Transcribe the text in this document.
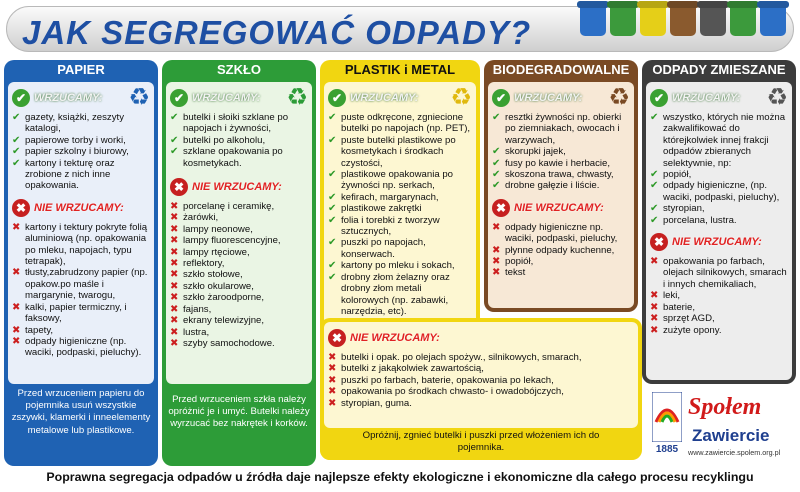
JAK SEGREGOWAĆ ODPADY?
PAPIER
✔ WRZUCAMY: ♻
✔ gazety, książki, zeszyty katalogi,
✔ papierowe torby i worki,
✔ papier szkolny i biurowy,
✔ kartony i tekturę oraz zrobione z nich inne opakowania.
✖ NIE WRZUCAMY:
✖ kartony i tektury pokryte folią aluminiową (np. opakowania po mleku, napojach, typu tetrapak),
✖ tłusty,zabrudzony papier (np. opakow.po maśle i margarynie, twarogu,
✖ kalki, papier termiczny, i faksowy,
✖ tapety,
✖ odpady higieniczne (np. waciki, podpaski, pieluchy).
Przed wrzuceniem papieru do pojemnika usuń wszystkie zszywki, klamerki i inneelementy metalowe lub plastikowe.
SZKŁO
✔ WRZUCAMY: ♻
✔ butelki i słoiki szklane po napojach i żywności,
✔ butelki po alkoholu,
✔ szklane opakowania po kosmetykach.
✖ NIE WRZUCAMY:
✖ porcelanę i ceramikę,
✖ żarówki,
✖ lampy neonowe,
✖ lampy fluorescencyjne,
✖ lampy rtęciowe,
✖ reflektory,
✖ szkło stołowe,
✖ szkło okularowe,
✖ szkło żaroodporne,
✖ fajans,
✖ ekrany telewizyjne,
✖ lustra,
✖ szyby samochodowe.
Przed wrzuceniem szkła należy opróżnić je i umyć. Butelki należy wyrzucać bez nakrętek i korków.
PLASTIK i METAL
✔ WRZUCAMY: ♻
✔ puste odkręcone, zgniecione butelki po napojach (np. PET),
✔ puste butelki plastikowe po kosmetykach i środkach czystości,
✔ plastikowe opakowania po żywności np. serkach,
✔ kefirach, margarynach,
✔ plastikowe zakrętki
✔ folia i torebki z tworzyw sztucznych,
✔ puszki po napojach, konserwach.
✔ kartony po mleku i sokach,
✔ drobny złom żelazny oraz drobny złom metali kolorowych (np. zabawki, narzędzia, etc).
✖ NIE WRZUCAMY:
✖ butelki i opak. po olejach spożyw., silnikowych, smarach,
✖ butelki z jakąkolwiek zawartością,
✖ puszki po farbach, baterie, opakowania po lekach,
✖ opakowania po środkach chwasto- i owadobójczych,
✖ styropian, guma.
Opróżnij, zgnieć butelki i puszki przed włożeniem ich do pojemnika.
BIODEGRADOWALNE
✔ WRZUCAMY: ♻
✔ resztki żywności np. obierki po ziemniakach, owocach i warzywach,
✔ skorupki jajek,
✔ fusy po kawie i herbacie,
✔ skoszona trawa, chwasty,
✔ drobne gałęzie i liście.
✖ NIE WRZUCAMY:
✖ odpady higieniczne np. waciki, podpaski, pieluchy,
✖ płynne odpady kuchenne,
✖ popiół,
✖ tekst
ODPADY ZMIESZANE
✔ WRZUCAMY: ♻
✔ wszystko, których nie można zakwalifikować do którejkolwiek innej frakcji odpadów zbieranych selektywnie, np:
✔ popiół,
✔ odpady higieniczne, (np. waciki, podpaski, pieluchy),
✔ styropian,
✔ porcelana, lustra.
✖ NIE WRZUCAMY:
✖ opakowania po farbach, olejach silnikowych, smarach i innych chemikaliach,
✖ leki,
✖ baterie,
✖ sprzęt AGD,
✖ zużyte opony.
1885
Społem
Zawiercie
www.zawiercie.spolem.org.pl
Poprawna segregacja odpadów u źródła daje najlepsze efekty ekologiczne i ekonomiczne dla całego procesu recyklingu
